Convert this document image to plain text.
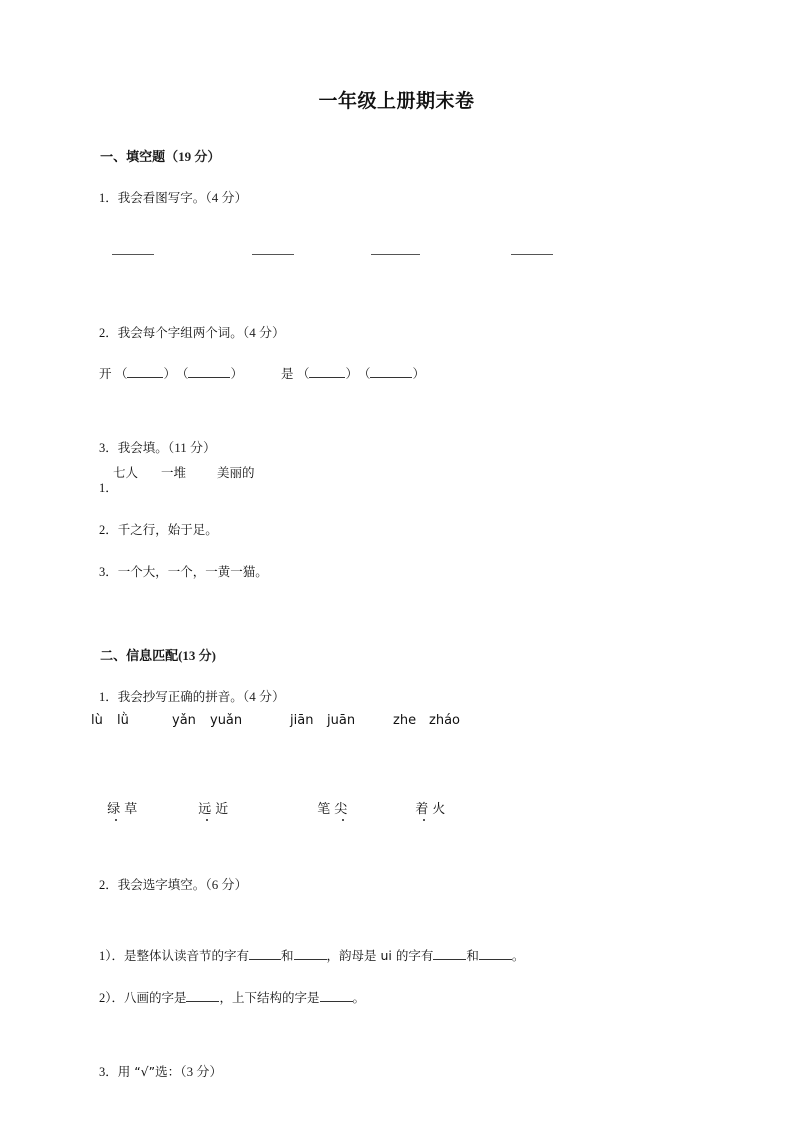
一年级上册期末卷

一、填空题（19 分）

1．我会看图写字。（4 分）

2．我会每个字组两个词。（4 分）

开 （	） （	）	是 （	） （	）

3．我会填。（11 分）

1．

七人 一堆 美丽的

2．千之行，始于足。

3．一个大，一个，一黄一猫。

二、信息匹配(13 分)

1．我会抄写正确的拼音。（4 分）

lù lǜ	yǎn yuǎn	jiān juān	zhe zháo

绿草	远近	笔尖	着火

2．我会选字填空。（6 分）

1）．是整体认读音节的字有	和	，韵母是 ui 的字有	和	。

2）．八画的字是	，上下结构的字是	。

3．用 “√”选：（3 分）
